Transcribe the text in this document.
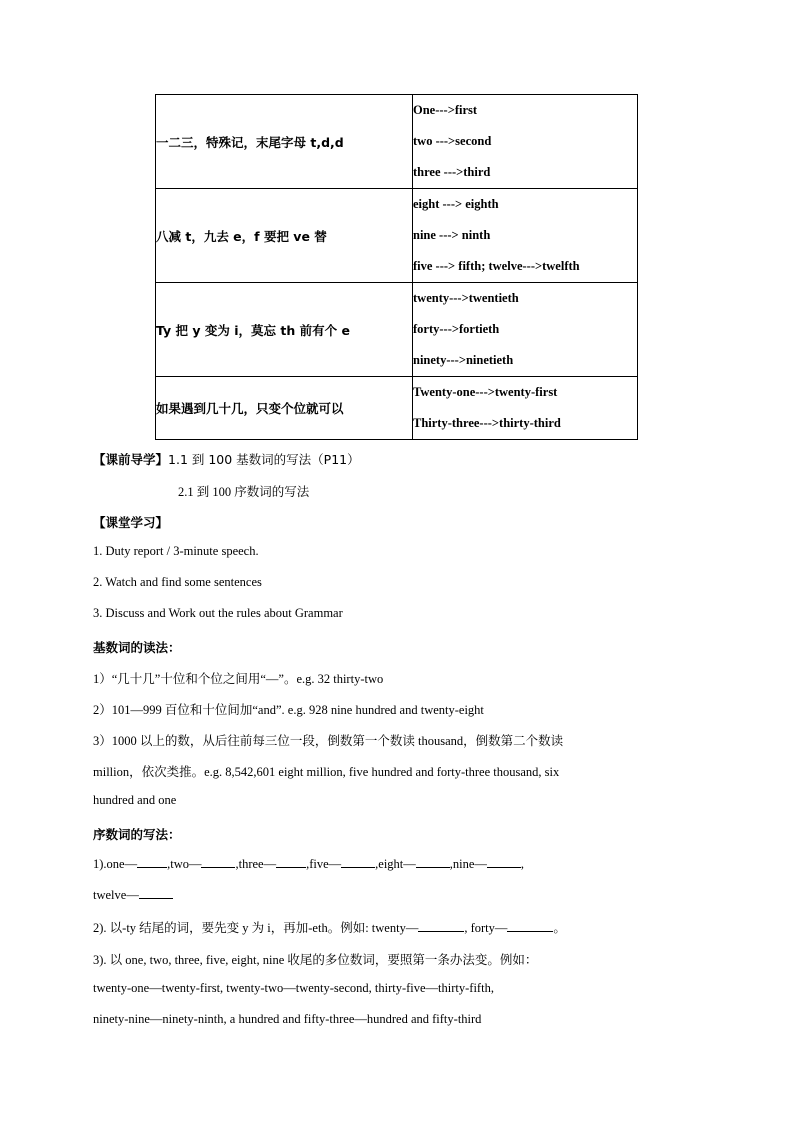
一二三，特殊记，末尾字母 t,d,d	One--->first
two --->second
three --->third

八减 t，九去 e，f 要把 ve 替	eight ---> eighth
nine ---> ninth
five ---> fifth; twelve--->twelfth

Ty 把 y 变为 i，莫忘 th 前有个 e	twenty--->twentieth
forty--->fortieth
ninety--->ninetieth

如果遇到几十几，只变个位就可以	Twenty-one--->twenty-first
Thirty-three--->thirty-third
【课前导学】1.1 到 100 基数词的写法（P11）
2.1 到 100 序数词的写法
【课堂学习】
1. Duty report / 3-minute speech.
2. Watch and find some sentences
3. Discuss and Work out the rules about Grammar
基数词的读法：
1）“几十几”十位和个位之间用“—”。e.g. 32 thirty-two
2）101—999 百位和十位间加“and”. e.g. 928 nine hundred and twenty-eight
3）1000 以上的数，从后往前每三位一段，倒数第一个数读 thousand，倒数第二个数读
million，依次类推。e.g. 8,542,601 eight million, five hundred and forty-three thousand, six
hundred and one
序数词的写法：
1).one— ,two—	,three— ,five—	,eight—	,nine—	,
twelve—
2). 以-ty 结尾的词，要先变 y 为 i，再加-eth。例如: twenty—	, forty—	。
3). 以 one, two, three, five, eight, nine 收尾的多位数词，要照第一条办法变。例如：
twenty-one—twenty-first, twenty-two—twenty-second, thirty-five—thirty-fifth,
ninety-nine—ninety-ninth, a hundred and fifty-three—hundred and fifty-third
